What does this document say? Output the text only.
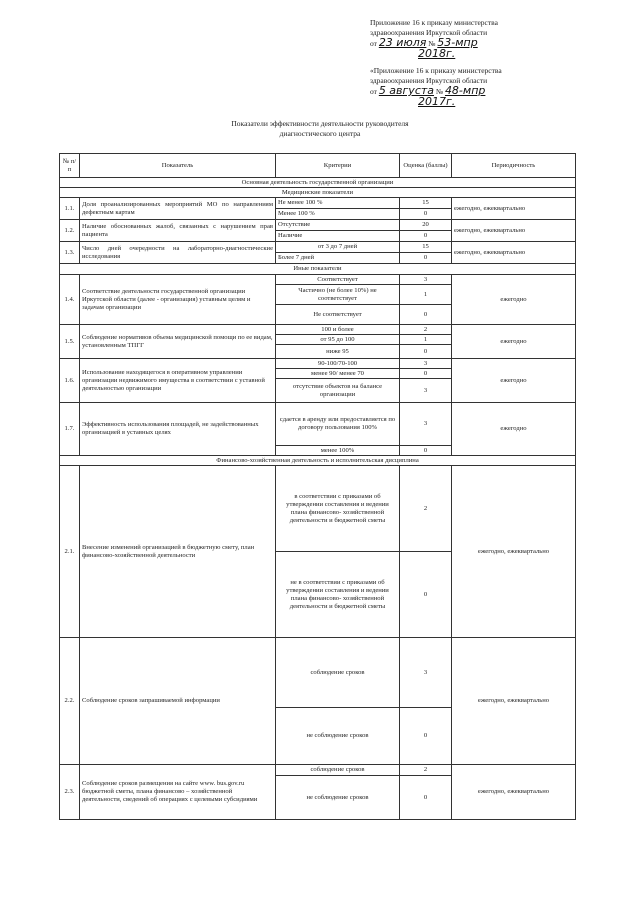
Приложение 16 к приказу министерства
здравоохранения Иркутской области
от 23 июля № 53-мпр
2018г.
«Приложение 16 к приказу министерства
здравоохранения Иркутской области
от 5 августа № 48-мпр
2017г.
Показатели эффективности деятельности руководителя
диагностического центра
№ п/п	Показатель	Критерии	Оценка (баллы)	Периодичность
Основная деятельность государственной организации				
Медицинские показатели				
1.1.	Доля проанализированных мероприятий МО по направлениям дефектным картам	Не менее 100 %	15	ежегодно, ежеквартально
		Менее 100 %	0	
1.2.	Наличие обоснованных жалоб, связанных с нарушением прав пациента	Отсутствие	20	ежегодно, ежеквартально
		Наличие	0	
1.3.	Число дней очередности на лабораторно-диагностические исследования	от 3 до 7 дней	15	ежегодно, ежеквартально
		Более 7 дней	0	
Иные показатели				
1.4.	Соответствие деятельности государственной организации Иркутской области (далее - организация) уставным целям и задачам организации	Соответствует	3	ежегодно
		Частично (не более 10%) не соответствует	1	
		Не соответствует	0	
1.5.	Соблюдение нормативов объема медицинской помощи по ее видам, установленным ТПГГ	100 и более	2	ежегодно
		от 95 до 100	1	
		ниже 95	0	
1.6.	Использование находящегося в оперативном управлении организации недвижимого имущества в соответствии с уставной деятельностью организации	90-100/70-100	3	ежегодно
		менее 90/ менее 70	0	
		отсутствие объектов на балансе организации	3	
1.7.	Эффективность использования площадей, не задействованных организацией в уставных целях	сдается в аренду или предоставляется по договору пользования 100%	3	ежегодно
		менее 100%	0	
Финансово-хозяйственная деятельность и исполнительская дисциплина				
2.1.	Внесение изменений организацией в бюджетную смету, план финансово-хозяйственной деятельности	в соответствии с приказами об утверждении составления и ведении плана финансово- хозяйственной деятельности и бюджетной сметы	2	ежегодно, ежеквартально
		не в соответствии с приказами об утверждении составления и ведении плана финансово- хозяйственной деятельности и бюджетной сметы	0	
2.2.	Соблюдение сроков запрашиваемой информации	соблюдение сроков	3	ежегодно, ежеквартально
		не соблюдение сроков	0	
2.3.	Соблюдение сроков размещения на сайте www. bus.gov.ru бюджетной сметы, плана финансово – хозяйственной деятельности, сведений об операциях с целевыми субсидиями	соблюдение сроков	2	ежегодно, ежеквартально
		не соблюдение сроков	0	
